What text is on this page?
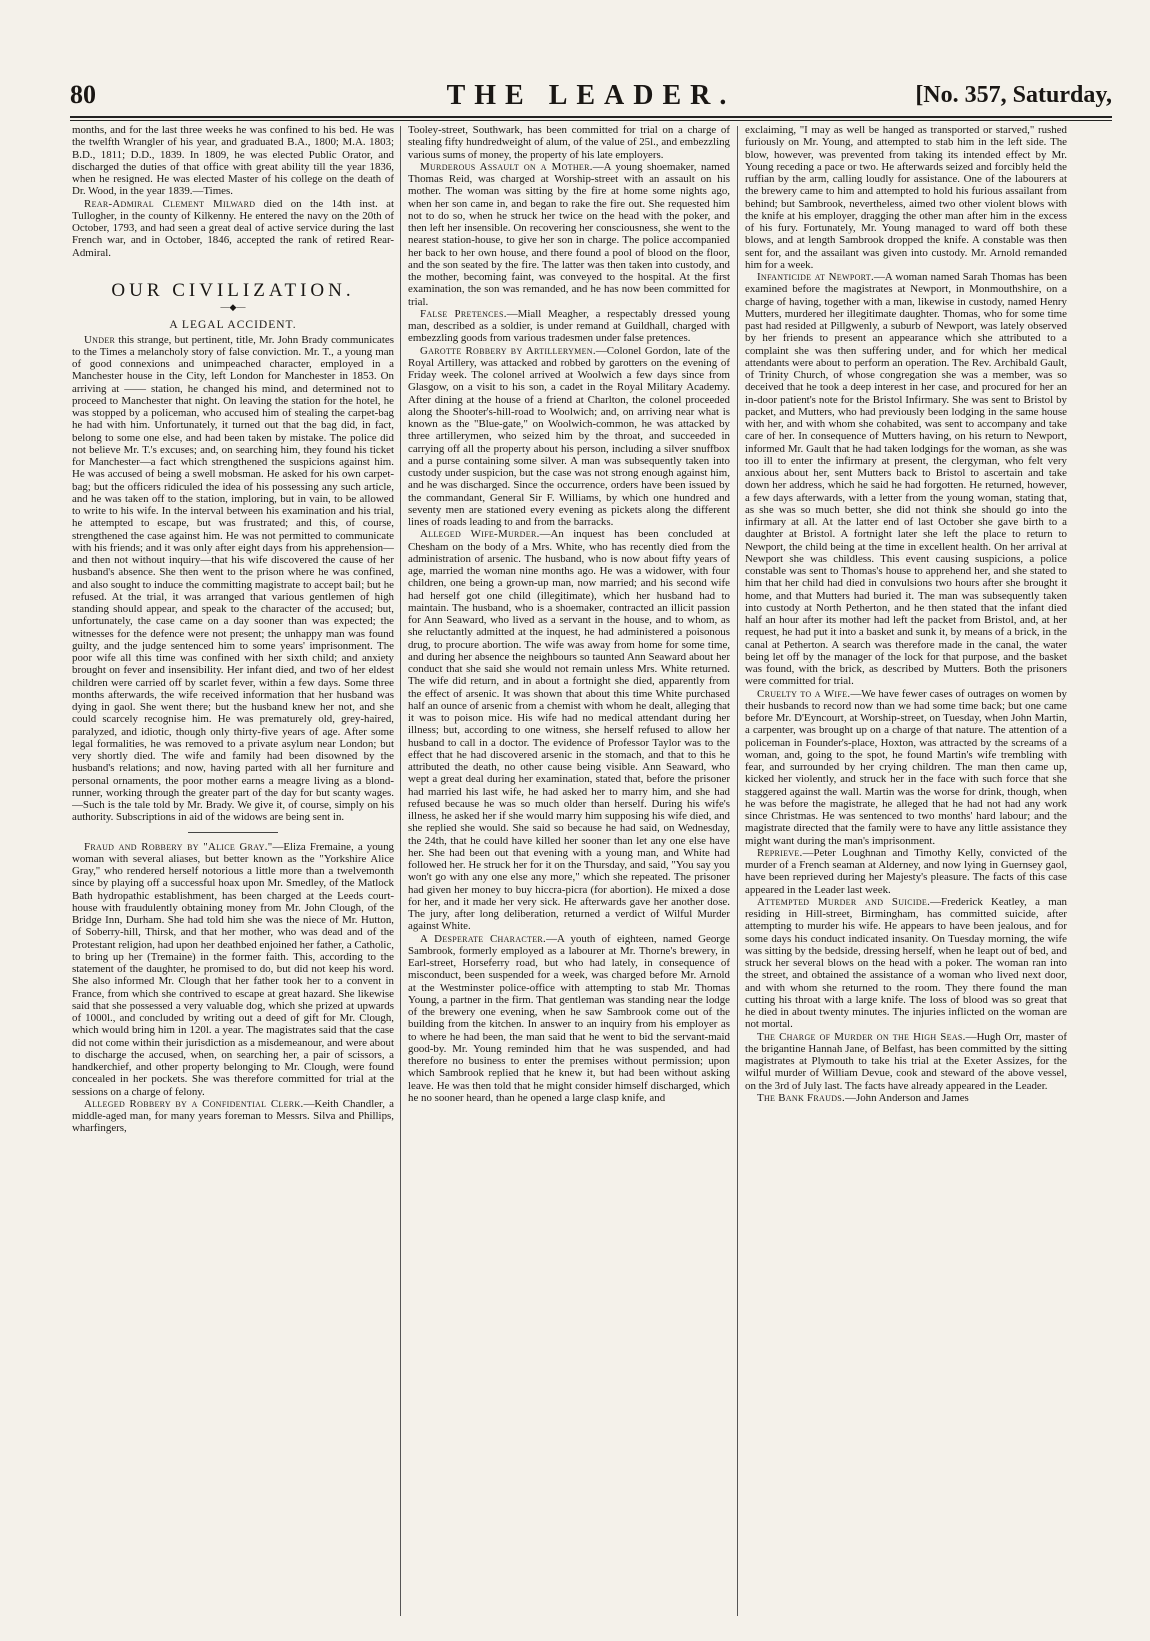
80	THE LEADER.	[No. 357, Saturday,

months, and for the last three weeks he was confined to his bed. He was the twelfth Wrangler of his year, and graduated B.A., 1800; M.A. 1803; B.D., 1811; D.D., 1839. In 1809, he was elected Public Orator, and discharged the duties of that office with great ability till the year 1836, when he resigned. He was elected Master of his college on the death of Dr. Wood, in the year 1839.—Times.

Rear-Admiral Clement Milward died on the 14th inst. at Tullogher, in the county of Kilkenny. He entered the navy on the 20th of October, 1793, and had seen a great deal of active service during the last French war, and in October, 1846, accepted the rank of retired Rear-Admiral.

OUR CIVILIZATION.

—◆—

A LEGAL ACCIDENT.

Under this strange, but pertinent, title, Mr. John Brady communicates to the Times a melancholy story of false conviction. Mr. T., a young man of good connexions and unimpeached character, employed in a Manchester house in the City, left London for Manchester in 1853. On arriving at —— station, he changed his mind, and determined not to proceed to Manchester that night. On leaving the station for the hotel, he was stopped by a policeman, who accused him of stealing the carpet-bag he had with him. Unfortunately, it turned out that the bag did, in fact, belong to some one else, and had been taken by mistake. The police did not believe Mr. T.'s excuses; and, on searching him, they found his ticket for Manchester—a fact which strengthened the suspicions against him. He was accused of being a swell mobsman. He asked for his own carpet-bag; but the officers ridiculed the idea of his possessing any such article, and he was taken off to the station, imploring, but in vain, to be allowed to write to his wife. In the interval between his examination and his trial, he attempted to escape, but was frustrated; and this, of course, strengthened the case against him. He was not permitted to communicate with his friends; and it was only after eight days from his apprehension—and then not without inquiry—that his wife discovered the cause of her husband's absence. She then went to the prison where he was confined, and also sought to induce the committing magistrate to accept bail; but he refused. At the trial, it was arranged that various gentlemen of high standing should appear, and speak to the character of the accused; but, unfortunately, the case came on a day sooner than was expected; the witnesses for the defence were not present; the unhappy man was found guilty, and the judge sentenced him to some years' imprisonment. The poor wife all this time was confined with her sixth child; and anxiety brought on fever and insensibility. Her infant died, and two of her eldest children were carried off by scarlet fever, within a few days. Some three months afterwards, the wife received information that her husband was dying in gaol. She went there; but the husband knew her not, and she could scarcely recognise him. He was prematurely old, grey-haired, paralyzed, and idiotic, though only thirty-five years of age. After some legal formalities, he was removed to a private asylum near London; but very shortly died. The wife and family had been disowned by the husband's relations; and now, having parted with all her furniture and personal ornaments, the poor mother earns a meagre living as a blond-runner, working through the greater part of the day for but scanty wages.—Such is the tale told by Mr. Brady. We give it, of course, simply on his authority. Subscriptions in aid of the widows are being sent in.

Fraud and Robbery by "Alice Gray."—Eliza Fremaine, a young woman with several aliases, but better known as the "Yorkshire Alice Gray," who rendered herself notorious a little more than a twelvemonth since by playing off a successful hoax upon Mr. Smedley, of the Matlock Bath hydropathic establishment, has been charged at the Leeds court-house with fraudulently obtaining money from Mr. John Clough, of the Bridge Inn, Durham. She had told him she was the niece of Mr. Hutton, of Soberry-hill, Thirsk, and that her mother, who was dead and of the Protestant religion, had upon her deathbed enjoined her father, a Catholic, to bring up her (Tremaine) in the former faith. This, according to the statement of the daughter, he promised to do, but did not keep his word. She also informed Mr. Clough that her father took her to a convent in France, from which she contrived to escape at great hazard. She likewise said that she possessed a very valuable dog, which she prized at upwards of 1000l., and concluded by writing out a deed of gift for Mr. Clough, which would bring him in 120l. a year. The magistrates said that the case did not come within their jurisdiction as a misdemeanour, and were about to discharge the accused, when, on searching her, a pair of scissors, a handkerchief, and other property belonging to Mr. Clough, were found concealed in her pockets. She was therefore committed for trial at the sessions on a charge of felony.

Alleged Robbery by a Confidential Clerk.—Keith Chandler, a middle-aged man, for many years foreman to Messrs. Silva and Phillips, wharfingers,

Tooley-street, Southwark, has been committed for trial on a charge of stealing fifty hundredweight of alum, of the value of 25l., and embezzling various sums of money, the property of his late employers.

Murderous Assault on a Mother.—A young shoemaker, named Thomas Reid, was charged at Worship-street with an assault on his mother. The woman was sitting by the fire at home some nights ago, when her son came in, and began to rake the fire out. She requested him not to do so, when he struck her twice on the head with the poker, and then left her insensible. On recovering her consciousness, she went to the nearest station-house, to give her son in charge. The police accompanied her back to her own house, and there found a pool of blood on the floor, and the son seated by the fire. The latter was then taken into custody, and the mother, becoming faint, was conveyed to the hospital. At the first examination, the son was remanded, and he has now been committed for trial.

False Pretences.—Miall Meagher, a respectably dressed young man, described as a soldier, is under remand at Guildhall, charged with embezzling goods from various tradesmen under false pretences.

Garotte Robbery by Artillerymen.—Colonel Gordon, late of the Royal Artillery, was attacked and robbed by garotters on the evening of Friday week. The colonel arrived at Woolwich a few days since from Glasgow, on a visit to his son, a cadet in the Royal Military Academy. After dining at the house of a friend at Charlton, the colonel proceeded along the Shooter's-hill-road to Woolwich; and, on arriving near what is known as the "Blue-gate," on Woolwich-common, he was attacked by three artillerymen, who seized him by the throat, and succeeded in carrying off all the property about his person, including a silver snuffbox and a purse containing some silver. A man was subsequently taken into custody under suspicion, but the case was not strong enough against him, and he was discharged. Since the occurrence, orders have been issued by the commandant, General Sir F. Williams, by which one hundred and seventy men are stationed every evening as pickets along the different lines of roads leading to and from the barracks.

Alleged Wife-Murder.—An inquest has been concluded at Chesham on the body of a Mrs. White, who has recently died from the administration of arsenic. The husband, who is now about fifty years of age, married the woman nine months ago. He was a widower, with four children, one being a grown-up man, now married; and his second wife had herself got one child (illegitimate), which her husband had to maintain. The husband, who is a shoemaker, contracted an illicit passion for Ann Seaward, who lived as a servant in the house, and to whom, as she reluctantly admitted at the inquest, he had administered a poisonous drug, to procure abortion. The wife was away from home for some time, and during her absence the neighbours so taunted Ann Seaward about her conduct that she said she would not remain unless Mrs. White returned. The wife did return, and in about a fortnight she died, apparently from the effect of arsenic. It was shown that about this time White purchased half an ounce of arsenic from a chemist with whom he dealt, alleging that it was to poison mice. His wife had no medical attendant during her illness; but, according to one witness, she herself refused to allow her husband to call in a doctor. The evidence of Professor Taylor was to the effect that he had discovered arsenic in the stomach, and that to this he attributed the death, no other cause being visible. Ann Seaward, who wept a great deal during her examination, stated that, before the prisoner had married his last wife, he had asked her to marry him, and she had refused because he was so much older than herself. During his wife's illness, he asked her if she would marry him supposing his wife died, and she replied she would. She said so because he had said, on Wednesday, the 24th, that he could have killed her sooner than let any one else have her. She had been out that evening with a young man, and White had followed her. He struck her for it on the Thursday, and said, "You say you won't go with any one else any more," which she repeated. The prisoner had given her money to buy hiccra-picra (for abortion). He mixed a dose for her, and it made her very sick. He afterwards gave her another dose. The jury, after long deliberation, returned a verdict of Wilful Murder against White.

A Desperate Character.—A youth of eighteen, named George Sambrook, formerly employed as a labourer at Mr. Thorne's brewery, in Earl-street, Horseferry road, but who had lately, in consequence of misconduct, been suspended for a week, was charged before Mr. Arnold at the Westminster police-office with attempting to stab Mr. Thomas Young, a partner in the firm. That gentleman was standing near the lodge of the brewery one evening, when he saw Sambrook come out of the building from the kitchen. In answer to an inquiry from his employer as to where he had been, the man said that he went to bid the servant-maid good-by. Mr. Young reminded him that he was suspended, and had therefore no business to enter the premises without permission; upon which Sambrook replied that he knew it, but had been without asking leave. He was then told that he might consider himself discharged, which he no sooner heard, than he opened a large clasp knife, and

exclaiming, "I may as well be hanged as transported or starved," rushed furiously on Mr. Young, and attempted to stab him in the left side. The blow, however, was prevented from taking its intended effect by Mr. Young receding a pace or two. He afterwards seized and forcibly held the ruffian by the arm, calling loudly for assistance. One of the labourers at the brewery came to him and attempted to hold his furious assailant from behind; but Sambrook, nevertheless, aimed two other violent blows with the knife at his employer, dragging the other man after him in the excess of his fury. Fortunately, Mr. Young managed to ward off both these blows, and at length Sambrook dropped the knife. A constable was then sent for, and the assailant was given into custody. Mr. Arnold remanded him for a week.

Infanticide at Newport.—A woman named Sarah Thomas has been examined before the magistrates at Newport, in Monmouthshire, on a charge of having, together with a man, likewise in custody, named Henry Mutters, murdered her illegitimate daughter. Thomas, who for some time past had resided at Pillgwenly, a suburb of Newport, was lately observed by her friends to present an appearance which she attributed to a complaint she was then suffering under, and for which her medical attendants were about to perform an operation. The Rev. Archibald Gault, of Trinity Church, of whose congregation she was a member, was so deceived that he took a deep interest in her case, and procured for her an in-door patient's note for the Bristol Infirmary. She was sent to Bristol by packet, and Mutters, who had previously been lodging in the same house with her, and with whom she cohabited, was sent to accompany and take care of her. In consequence of Mutters having, on his return to Newport, informed Mr. Gault that he had taken lodgings for the woman, as she was too ill to enter the infirmary at present, the clergyman, who felt very anxious about her, sent Mutters back to Bristol to ascertain and take down her address, which he said he had forgotten. He returned, however, a few days afterwards, with a letter from the young woman, stating that, as she was so much better, she did not think she should go into the infirmary at all. At the latter end of last October she gave birth to a daughter at Bristol. A fortnight later she left the place to return to Newport, the child being at the time in excellent health. On her arrival at Newport she was childless. This event causing suspicions, a police constable was sent to Thomas's house to apprehend her, and she stated to him that her child had died in convulsions two hours after she brought it home, and that Mutters had buried it. The man was subsequently taken into custody at North Petherton, and he then stated that the infant died half an hour after its mother had left the packet from Bristol, and, at her request, he had put it into a basket and sunk it, by means of a brick, in the canal at Petherton. A search was therefore made in the canal, the water being let off by the manager of the lock for that purpose, and the basket was found, with the brick, as described by Mutters. Both the prisoners were committed for trial.

Cruelty to a Wife.—We have fewer cases of outrages on women by their husbands to record now than we had some time back; but one came before Mr. D'Eyncourt, at Worship-street, on Tuesday, when John Martin, a carpenter, was brought up on a charge of that nature. The attention of a policeman in Founder's-place, Hoxton, was attracted by the screams of a woman, and, going to the spot, he found Martin's wife trembling with fear, and surrounded by her crying children. The man then came up, kicked her violently, and struck her in the face with such force that she staggered against the wall. Martin was the worse for drink, though, when he was before the magistrate, he alleged that he had not had any work since Christmas. He was sentenced to two months' hard labour; and the magistrate directed that the family were to have any little assistance they might want during the man's imprisonment.

Reprieve.—Peter Loughnan and Timothy Kelly, convicted of the murder of a French seaman at Alderney, and now lying in Guernsey gaol, have been reprieved during her Majesty's pleasure. The facts of this case appeared in the Leader last week.

Attempted Murder and Suicide.—Frederick Keatley, a man residing in Hill-street, Birmingham, has committed suicide, after attempting to murder his wife. He appears to have been jealous, and for some days his conduct indicated insanity. On Tuesday morning, the wife was sitting by the bedside, dressing herself, when he leapt out of bed, and struck her several blows on the head with a poker. The woman ran into the street, and obtained the assistance of a woman who lived next door, and with whom she returned to the room. They there found the man cutting his throat with a large knife. The loss of blood was so great that he died in about twenty minutes. The injuries inflicted on the woman are not mortal.

The Charge of Murder on the High Seas.—Hugh Orr, master of the brigantine Hannah Jane, of Belfast, has been committed by the sitting magistrates at Plymouth to take his trial at the Exeter Assizes, for the wilful murder of William Devue, cook and steward of the above vessel, on the 3rd of July last. The facts have already appeared in the Leader.

The Bank Frauds.—John Anderson and James
